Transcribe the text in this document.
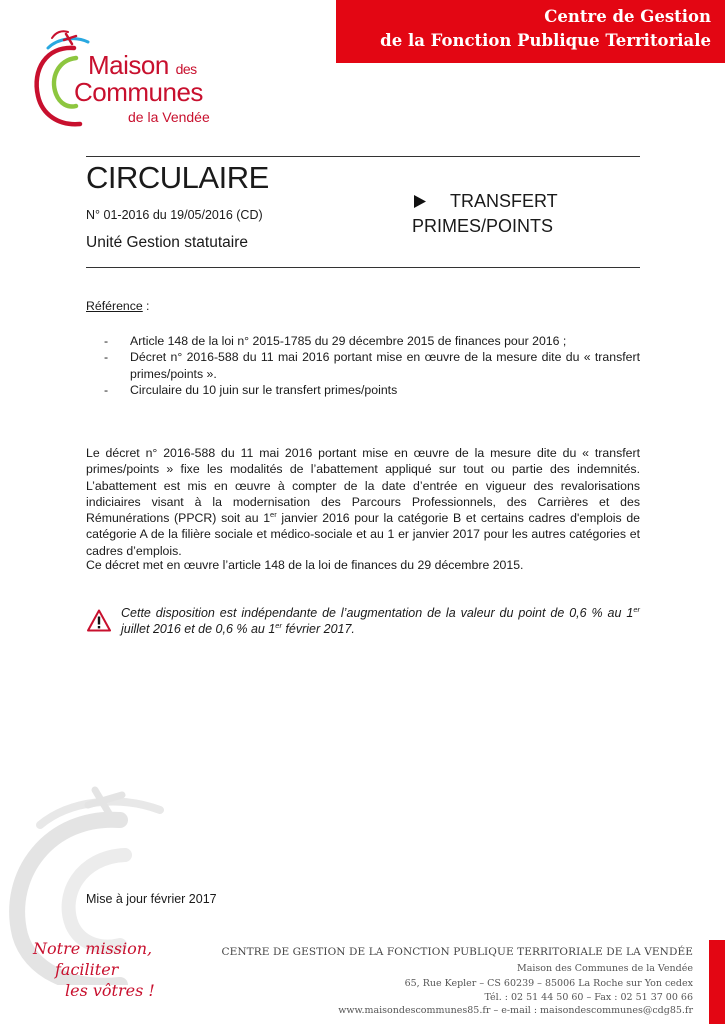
Centre de Gestion
de la Fonction Publique Territoriale
Maison des
Communes
de la Vendée
CIRCULAIRE
N° 01-2016 du 19/05/2016 (CD)
Unité Gestion statutaire
TRANSFERT
PRIMES/POINTS
Référence :
- Article 148 de la loi n° 2015-1785 du 29 décembre 2015 de finances pour 2016 ;
- Décret n° 2016-588 du 11 mai 2016 portant mise en œuvre de la mesure dite du « transfert primes/points ».
- Circulaire du 10 juin sur le transfert primes/points

Le décret n° 2016-588 du 11 mai 2016 portant mise en œuvre de la mesure dite du « transfert primes/points » fixe les modalités de l’abattement appliqué sur tout ou partie des indemnités. L’abattement est mis en œuvre à compter de la date d’entrée en vigueur des revalorisations indiciaires visant à la modernisation des Parcours Professionnels, des Carrières et des Rémunérations (PPCR) soit au 1er janvier 2016 pour la catégorie B et certains cadres d'emplois de catégorie A de la filière sociale et médico-sociale et au 1 er janvier 2017 pour les autres catégories et cadres d’emplois.

Ce décret met en œuvre l’article 148 de la loi de finances du 29 décembre 2015.
Cette disposition est indépendante de l’augmentation de la valeur du point de 0,6 % au 1er juillet 2016 et de 0,6 % au 1er février 2017.
Mise à jour février 2017
Notre mission,
faciliter
les vôtres !
CENTRE DE GESTION DE LA FONCTION PUBLIQUE TERRITORIALE DE LA VENDÉE
Maison des Communes de la Vendée
65, Rue Kepler – CS 60239 – 85006 La Roche sur Yon cedex
Tél. : 02 51 44 50 60 – Fax : 02 51 37 00 66
www.maisondescommunes85.fr – e-mail : maisondescommunes@cdg85.fr
